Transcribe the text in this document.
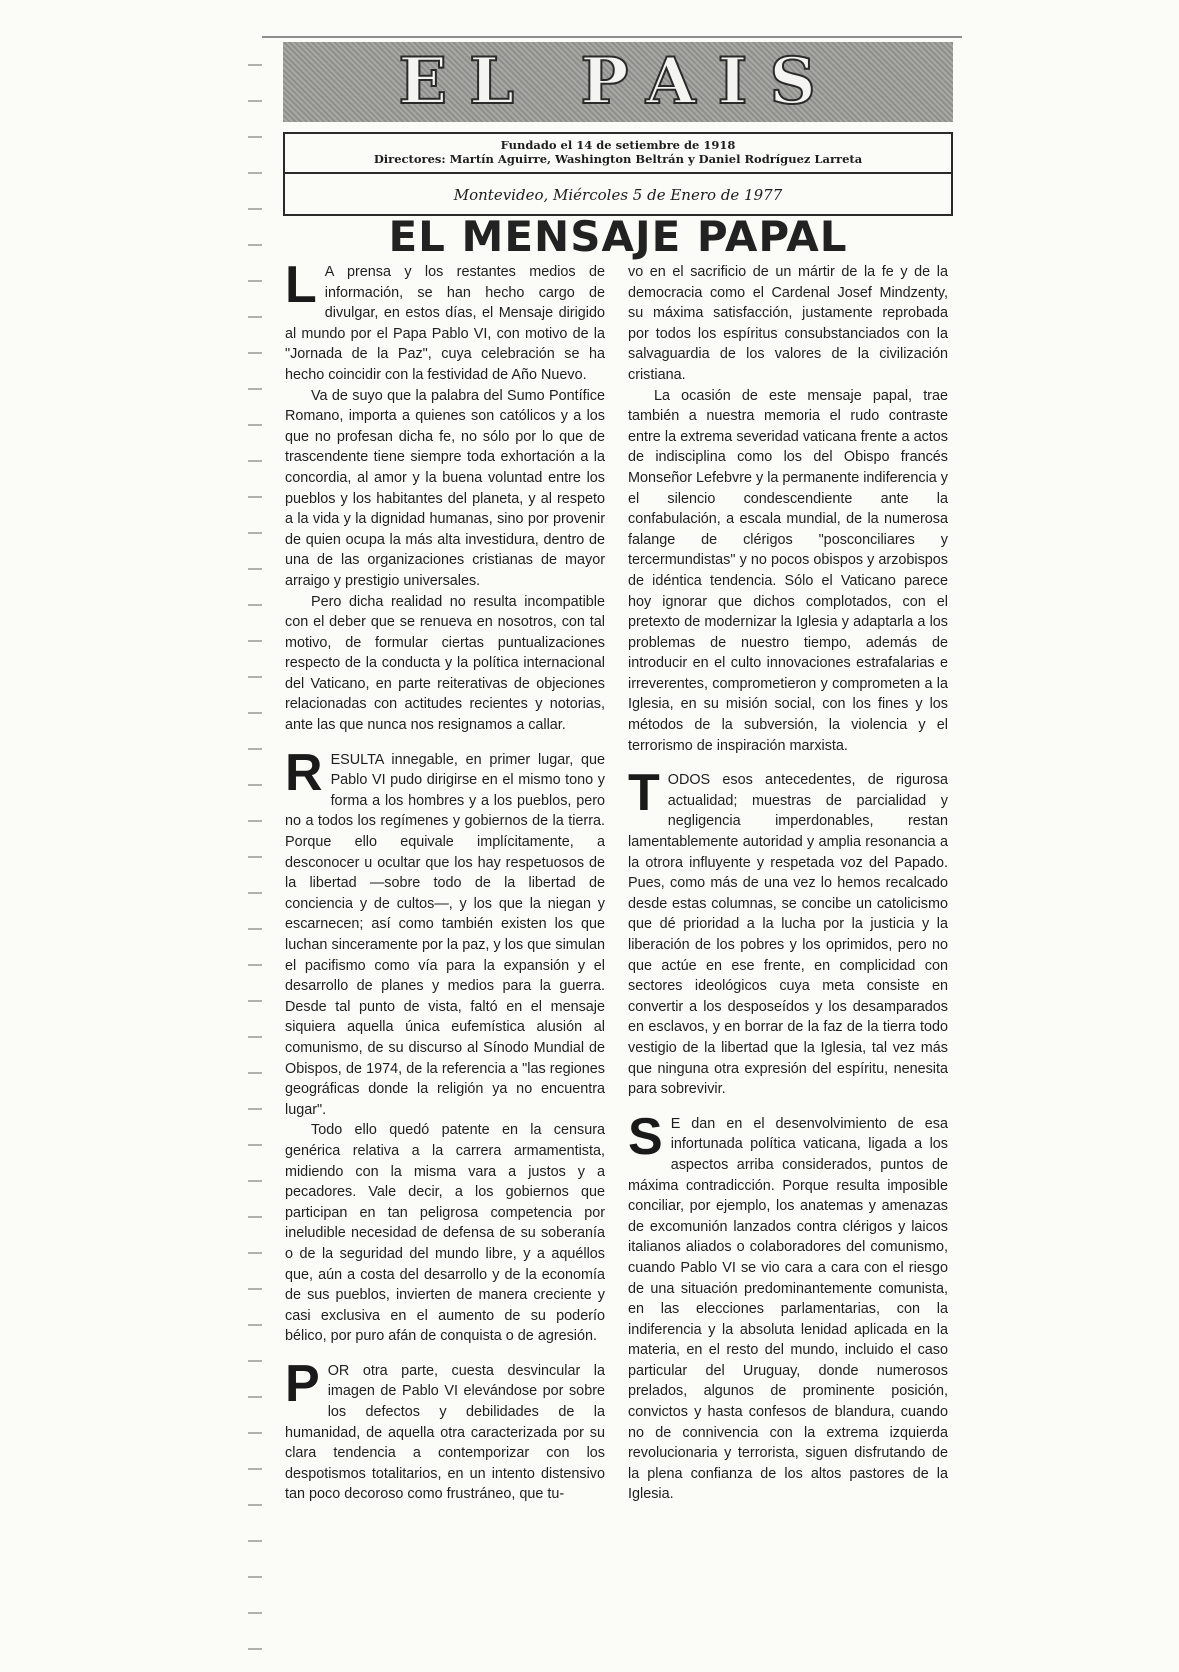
EL PAIS
Fundado el 14 de setiembre de 1918
Directores: Martín Aguirre, Washington Beltrán y Daniel Rodríguez Larreta
Montevideo, Miércoles 5 de Enero de 1977
EL MENSAJE PAPAL

L A prensa y los restantes medios de información, se han hecho cargo de divulgar, en estos días, el Mensaje dirigido al mundo por el Papa Pablo VI, con motivo de la "Jornada de la Paz", cuya celebración se ha hecho coincidir con la festividad de Año Nuevo.

Va de suyo que la palabra del Sumo Pontífice Romano, importa a quienes son católicos y a los que no profesan dicha fe, no sólo por lo que de trascendente tiene siempre toda exhortación a la concordia, al amor y la buena voluntad entre los pueblos y los habitantes del planeta, y al respeto a la vida y la dignidad humanas, sino por provenir de quien ocupa la más alta investidura, dentro de una de las organizaciones cristianas de mayor arraigo y prestigio universales.

Pero dicha realidad no resulta incompatible con el deber que se renueva en nosotros, con tal motivo, de formular ciertas puntualizaciones respecto de la conducta y la política internacional del Vaticano, en parte reiterativas de objeciones relacionadas con actitudes recientes y notorias, ante las que nunca nos resignamos a callar.

RESULTA innegable, en primer lugar, que Pablo VI pudo dirigirse en el mismo tono y forma a los hombres y a los pueblos, pero no a todos los regímenes y gobiernos de la tierra. Porque ello equivale implícitamente, a desconocer u ocultar que los hay respetuosos de la libertad —sobre todo de la libertad de conciencia y de cultos—, y los que la niegan y escarnecen; así como también existen los que luchan sinceramente por la paz, y los que simulan el pacifismo como vía para la expansión y el desarrollo de planes y medios para la guerra. Desde tal punto de vista, faltó en el mensaje siquiera aquella única eufemística alusión al comunismo, de su discurso al Sínodo Mundial de Obispos, de 1974, de la referencia a "las regiones geográficas donde la religión ya no encuentra lugar".

Todo ello quedó patente en la censura genérica relativa a la carrera armamentista, midiendo con la misma vara a justos y a pecadores. Vale decir, a los gobiernos que participan en tan peligrosa competencia por ineludible necesidad de defensa de su soberanía o de la seguridad del mundo libre, y a aquéllos que, aún a costa del desarrollo y de la economía de sus pueblos, invierten de manera creciente y casi exclusiva en el aumento de su poderío bélico, por puro afán de conquista o de agresión.

POR otra parte, cuesta desvincular la imagen de Pablo VI elevándose por sobre los defectos y debilidades de la humanidad, de aquella otra caracterizada por su clara tendencia a contemporizar con los despotismos totalitarios, en un intento distensivo tan poco decoroso como frustráneo, que tu-

vo en el sacrificio de un mártir de la fe y de la democracia como el Cardenal Josef Mindzenty, su máxima satisfacción, justamente reprobada por todos los espíritus consubstanciados con la salvaguardia de los valores de la civilización cristiana.

La ocasión de este mensaje papal, trae también a nuestra memoria el rudo contraste entre la extrema severidad vaticana frente a actos de indisciplina como los del Obispo francés Monseñor Lefebvre y la permanente indiferencia y el silencio condescendiente ante la confabulación, a escala mundial, de la numerosa falange de clérigos "posconciliares y tercermundistas" y no pocos obispos y arzobispos de idéntica tendencia. Sólo el Vaticano parece hoy ignorar que dichos complotados, con el pretexto de modernizar la Iglesia y adaptarla a los problemas de nuestro tiempo, además de introducir en el culto innovaciones estrafalarias e irreverentes, comprometieron y comprometen a la Iglesia, en su misión social, con los fines y los métodos de la subversión, la violencia y el terrorismo de inspiración marxista.

TODOS esos antecedentes, de rigurosa actualidad; muestras de parcialidad y negligencia imperdonables, restan lamentablemente autoridad y amplia resonancia a la otrora influyente y respetada voz del Papado. Pues, como más de una vez lo hemos recalcado desde estas columnas, se concibe un catolicismo que dé prioridad a la lucha por la justicia y la liberación de los pobres y los oprimidos, pero no que actúe en ese frente, en complicidad con sectores ideológicos cuya meta consiste en convertir a los desposeídos y los desamparados en esclavos, y en borrar de la faz de la tierra todo vestigio de la libertad que la Iglesia, tal vez más que ninguna otra expresión del espíritu, nenesita para sobrevivir.

S E dan en el desenvolvimiento de esa infortunada política vaticana, ligada a los aspectos arriba considerados, puntos de máxima contradicción. Porque resulta imposible conciliar, por ejemplo, los anatemas y amenazas de excomunión lanzados contra clérigos y laicos italianos aliados o colaboradores del comunismo, cuando Pablo VI se vio cara a cara con el riesgo de una situación predominantemente comunista, en las elecciones parlamentarias, con la indiferencia y la absoluta lenidad aplicada en la materia, en el resto del mundo, incluido el caso particular del Uruguay, donde numerosos prelados, algunos de prominente posición, convictos y hasta confesos de blandura, cuando no de connivencia con la extrema izquierda revolucionaria y terrorista, siguen disfrutando de la plena confianza de los altos pastores de la Iglesia.
